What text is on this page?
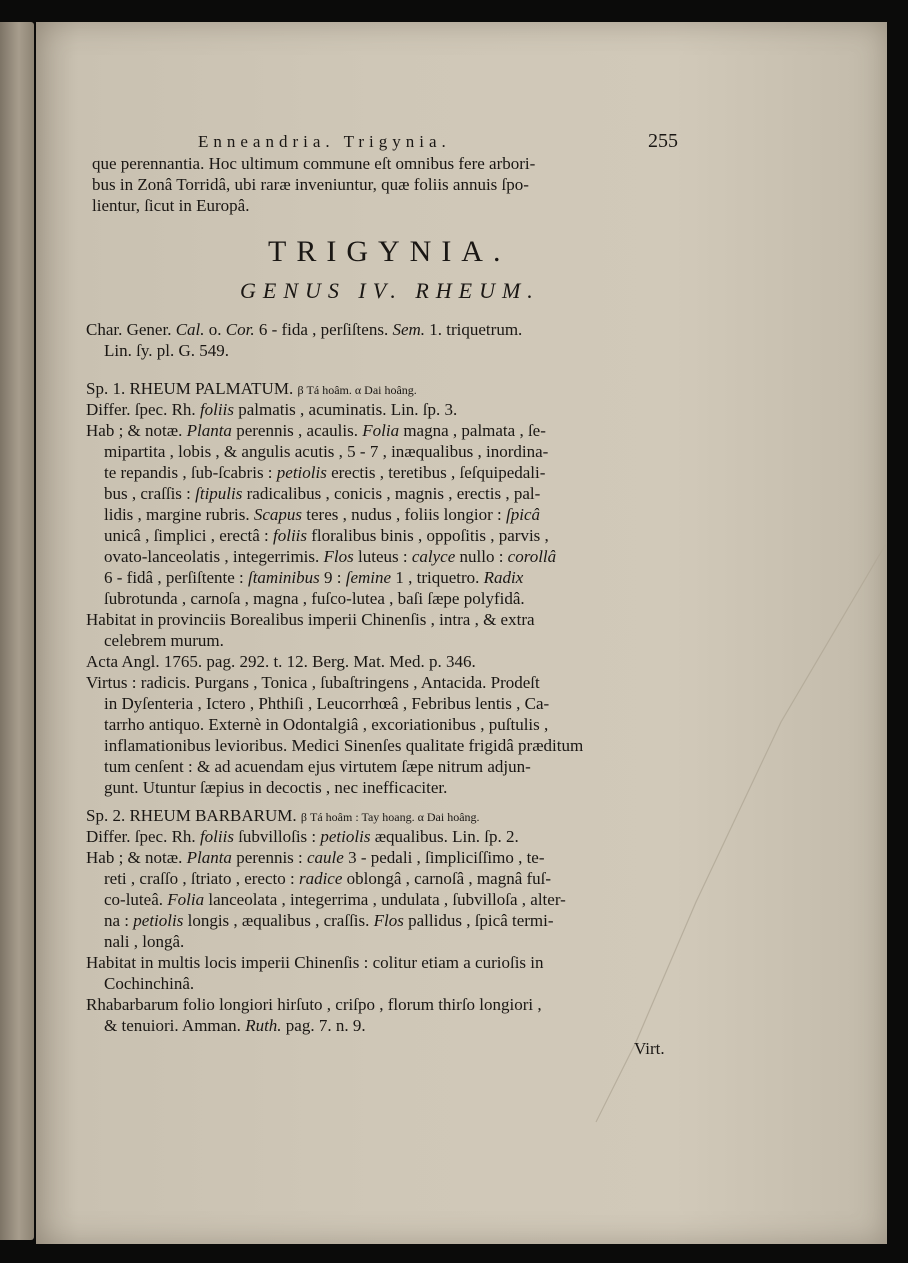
Enneandria. Trigynia.	255
que perennantia. Hoc ultimum commune eſt omnibus fere arbori-
bus in Zonâ Torridâ, ubi raræ inveniuntur, quæ foliis annuis ſpo-
lientur, ſicut in Europâ.
TRIGYNIA.
GENUS IV. RHEUM.
Char. Gener. Cal. o. Cor. 6 - fida , perſiſtens. Sem. 1. triquetrum.
Lin. ſy. pl. G. 549.
Sp. 1. RHEUM PALMATUM. β Tá hoâm. α Dai hoâng.
Differ. ſpec. Rh. foliis palmatis , acuminatis. Lin. ſp. 3.
Hab ; & notæ. Planta perennis , acaulis. Folia magna , palmata , ſe-
mipartita , lobis , & angulis acutis , 5 - 7 , inæqualibus , inordina-
te repandis , ſub-ſcabris : petiolis erectis , teretibus , ſeſquipedali-
bus , craſſis : ſtipulis radicalibus , conicis , magnis , erectis , pal-
lidis , margine rubris. Scapus teres , nudus , foliis longior : ſpicâ
unicâ , ſimplici , erectâ : foliis floralibus binis , oppoſitis , parvis ,
ovato-lanceolatis , integerrimis. Flos luteus : calyce nullo : corollâ
6 - fidâ , perſiſtente : ſtaminibus 9 : ſemine 1 , triquetro. Radix
ſubrotunda , carnoſa , magna , fuſco-lutea , baſi ſæpe polyfidâ.
Habitat in provinciis Borealibus imperii Chinenſis , intra , & extra
celebrem murum.
Acta Angl. 1765. pag. 292. t. 12. Berg. Mat. Med. p. 346.
Virtus : radicis. Purgans , Tonica , ſubaſtringens , Antacida. Prodeſt
in Dyſenteria , Ictero , Phthiſi , Leucorrhœâ , Febribus lentis , Ca-
tarrho antiquo. Externè in Odontalgiâ , excoriationibus , puſtulis ,
inflamationibus levioribus. Medici Sinenſes qualitate frigidâ præditum
tum cenſent : & ad acuendam ejus virtutem ſæpe nitrum adjun-
gunt. Utuntur ſæpius in decoctis , nec inefficaciter.
Sp. 2. RHEUM BARBARUM. β Tá hoâm : Tay hoang. α Dai hoâng.
Differ. ſpec. Rh. foliis ſubvilloſis : petiolis æqualibus. Lin. ſp. 2.
Hab ; & notæ. Planta perennis : caule 3 - pedali , ſimpliciſſimo , te-
reti , craſſo , ſtriato , erecto : radice oblongâ , carnoſâ , magnâ fuſ-
co-luteâ. Folia lanceolata , integerrima , undulata , ſubvilloſa , alter-
na : petiolis longis , æqualibus , craſſis. Flos pallidus , ſpicâ termi-
nali , longâ.
Habitat in multis locis imperii Chinenſis : colitur etiam a curioſis in
Cochinchinâ.
Rhabarbarum folio longiori hirſuto , criſpo , florum thirſo longiori ,
& tenuiori. Amman. Ruth. pag. 7. n. 9.
Virt.
